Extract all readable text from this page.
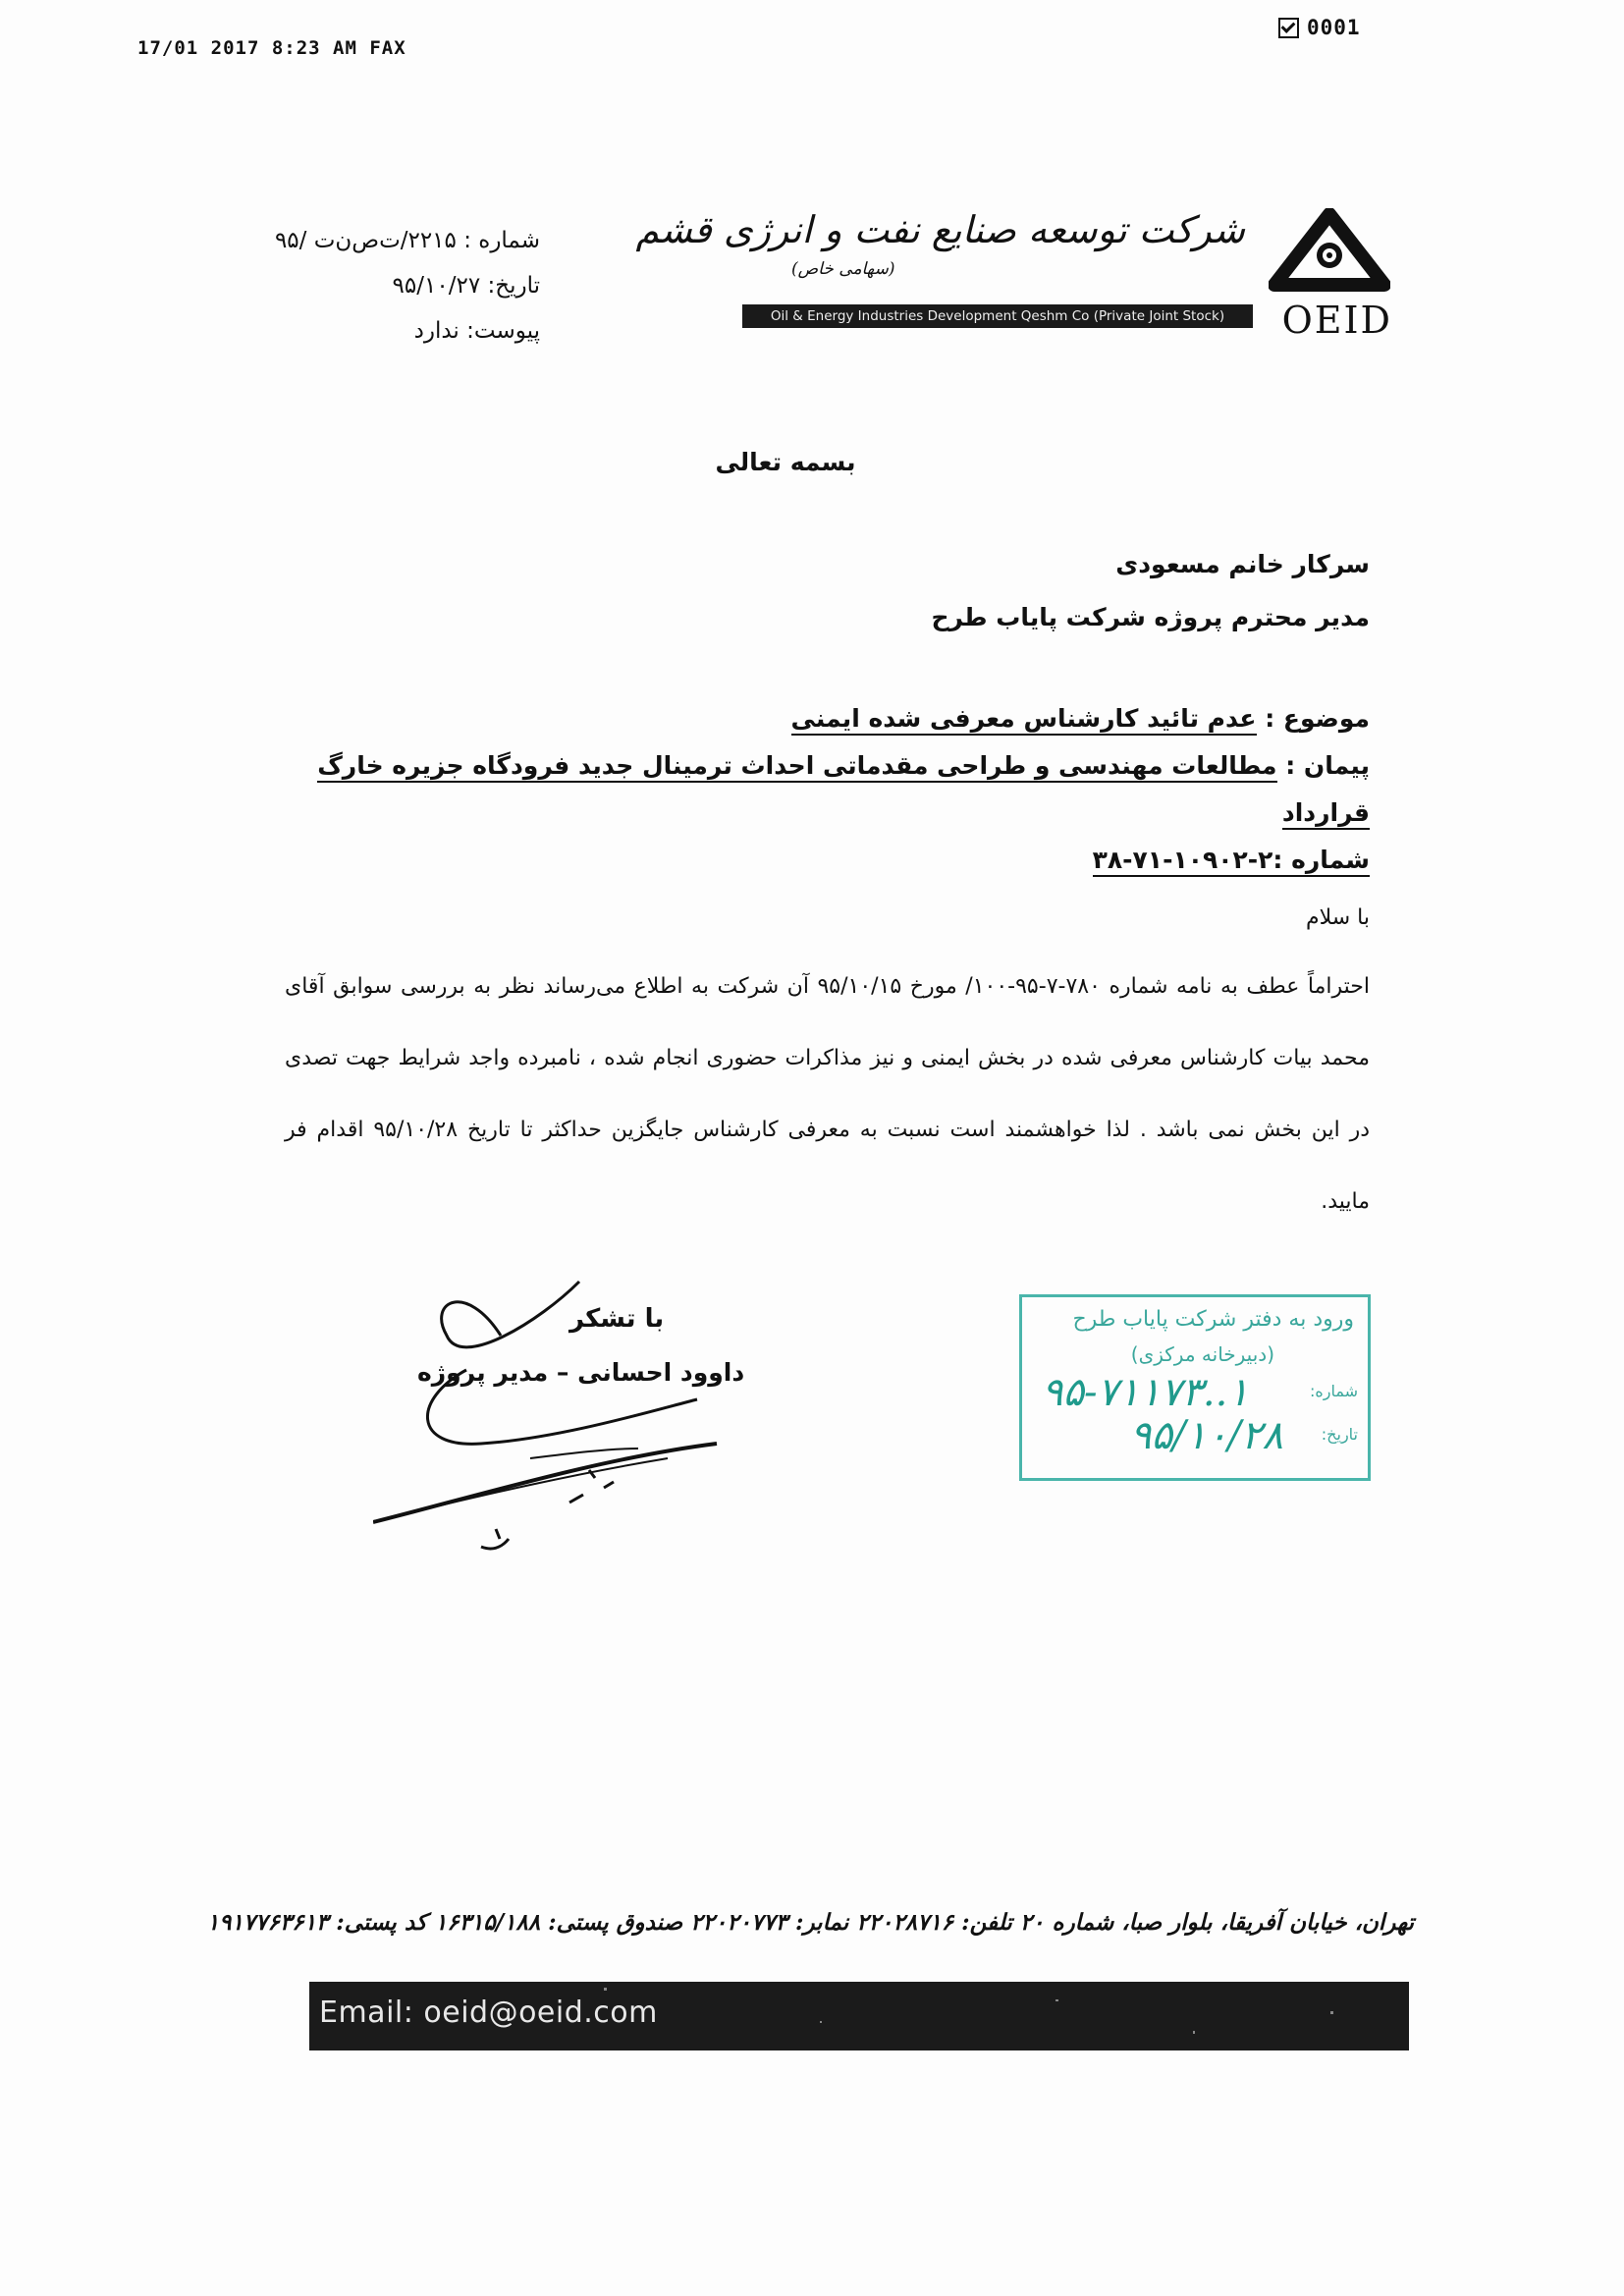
17/01 2017 8:23 AM FAX
0001
شرکت توسعه صنایع نفت و انرژی قشم
(سهامی خاص)
Oil & Energy Industries Development Qeshm Co (Private Joint Stock)	OEID
شماره : ۲۲۱۵/ت‌ص‌ن‌ت /۹۵
تاریخ: ۹۵/۱۰/۲۷
پیوست: ندارد
بسمه تعالی
سرکار خانم مسعودی
مدیر محترم پروژه شرکت پایاب طرح
موضوع : عدم تائید کارشناس معرفی شده ایمنی
پیمان : مطالعات مهندسی و طراحی مقدماتی احداث ترمینال جدید فرودگاه جزیره خارگ قرارداد
شماره :۲-۱۰۹۰۲-۷۱-۳۸
با سلام
احتراماً عطف به نامه شماره ۷۸۰-۷-۹۵-۱۰۰/ مورخ ۹۵/۱۰/۱۵ آن شرکت به اطلاع می‌رساند نظر به بررسی سوابق آقای محمد بیات کارشناس معرفی شده در بخش ایمنی و نیز مذاکرات حضوری انجام شده ، نامبرده واجد شرایط جهت تصدی در این بخش نمی باشد . لذا خواهشمند است نسبت به معرفی کارشناس جایگزین حداکثر تا تاریخ ۹۵/۱۰/۲۸ اقدام فر مایید.
با تشکر
داوود احسانی – مدیر پروژه
ورود به دفتر شرکت پایاب طرح
(دبیرخانه مرکزی)
شماره:
تاریخ:
۱..۹۵-۷۱۱۷۳
۹۵/۱۰/۲۸
تهران، خیابان آفریقا، بلوار صبا، شماره ۲۰ تلفن: ۲۲۰۲۸۷۱۶ نمابر: ۲۲۰۲۰۷۷۳ صندوق پستی: ۱۶۳۱۵/۱۸۸ کد پستی: ۱۹۱۷۷۶۳۶۱۳
Email: oeid@oeid.com
